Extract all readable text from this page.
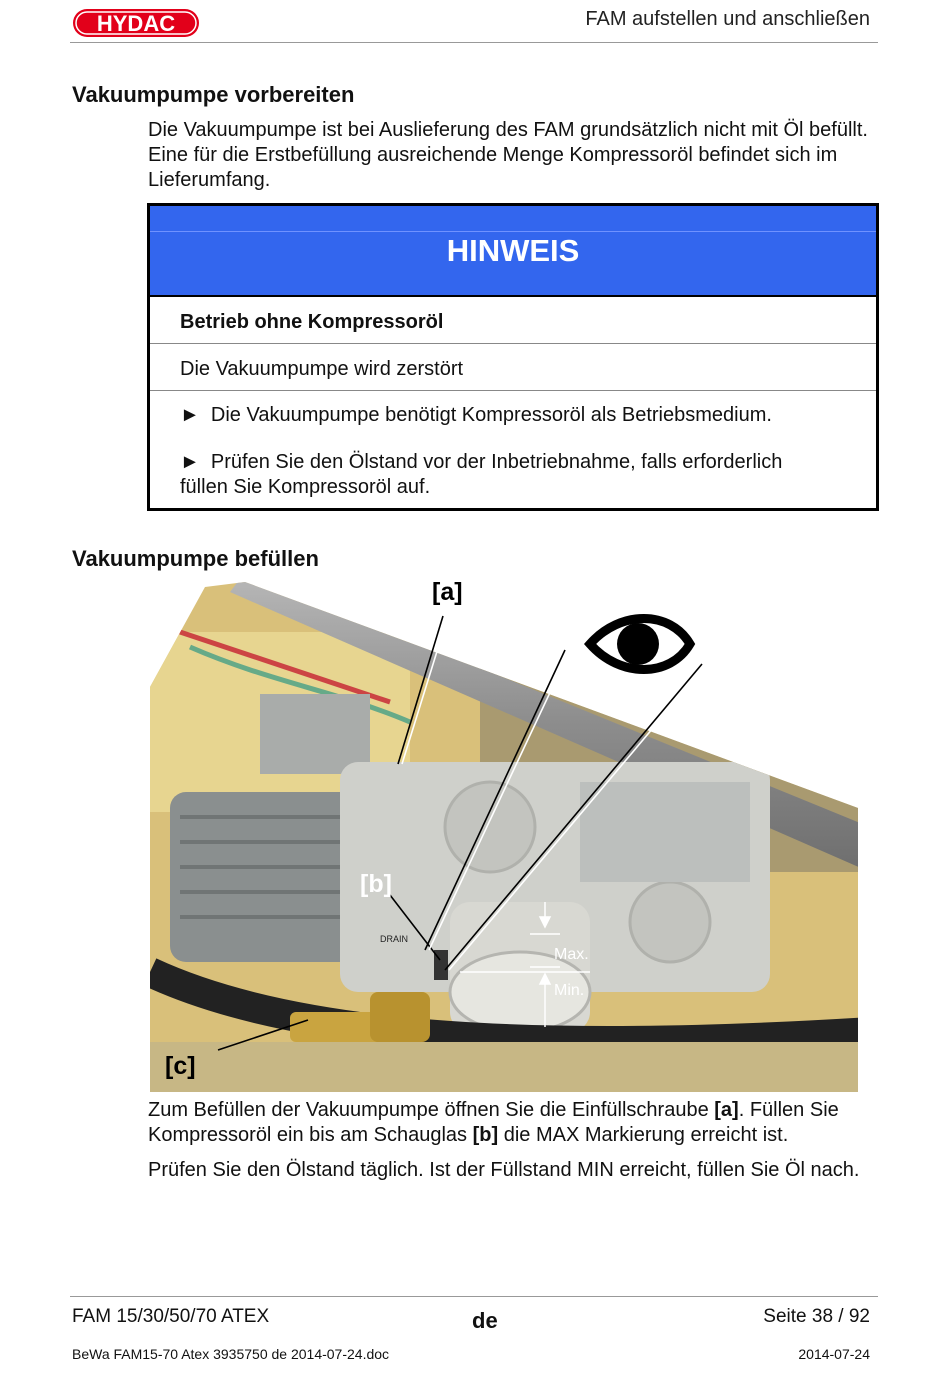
HYDAC	FAM aufstellen und anschließen
Vakuumpumpe vorbereiten
Die Vakuumpumpe ist bei Auslieferung des FAM grundsätzlich nicht mit Öl befüllt. Eine für die Erstbefüllung ausreichende Menge Kompressoröl befindet sich im Lieferumfang.
HINWEIS
Betrieb ohne Kompressoröl
Die Vakuumpumpe wird zerstört
► Die Vakuumpumpe benötigt Kompressoröl als Betriebsmedium.
► Prüfen Sie den Ölstand vor der Inbetriebnahme, falls erforderlich füllen Sie Kompressoröl auf.
Vakuumpumpe befüllen
[a]
[b]
[c]
Max.
Min.
DRAIN
Zum Befüllen der Vakuumpumpe öffnen Sie die Einfüllschraube [a]. Füllen Sie Kompressoröl ein bis am Schauglas [b] die MAX Markierung erreicht ist.
Prüfen Sie den Ölstand täglich. Ist der Füllstand MIN erreicht, füllen Sie Öl nach.
FAM 15/30/50/70 ATEX	de	Seite 38 / 92
BeWa FAM15-70 Atex 3935750 de 2014-07-24.doc	2014-07-24
